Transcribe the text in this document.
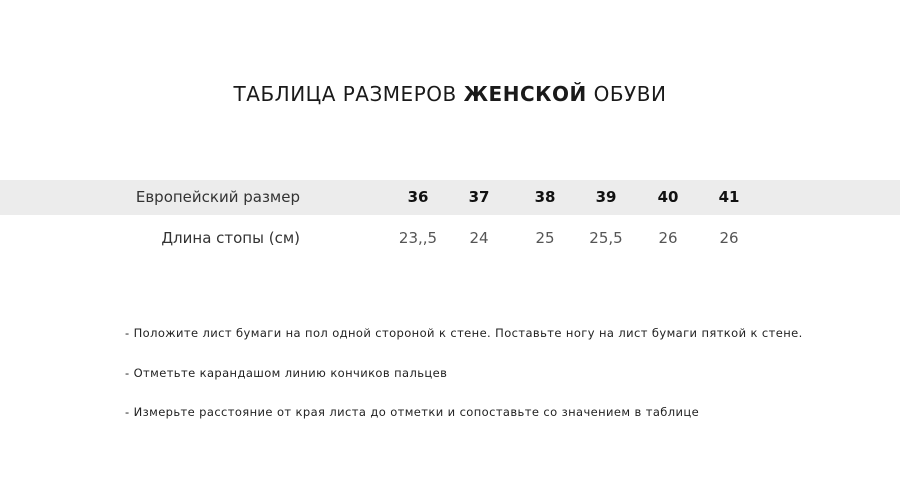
ТАБЛИЦА РАЗМЕРОВ ЖЕНСКОЙ ОБУВИ
Европейский размер	36	37	38	39	40	41
Длина стопы (см)	23,,5	24	25	25,5	26	26
- Положите лист бумаги на пол одной стороной к стене. Поставьте ногу на лист бумаги пяткой к стене.
- Отметьте карандашом линию кончиков пальцев
- Измерьте расстояние от края листа до отметки и сопоставьте со значением в таблице
